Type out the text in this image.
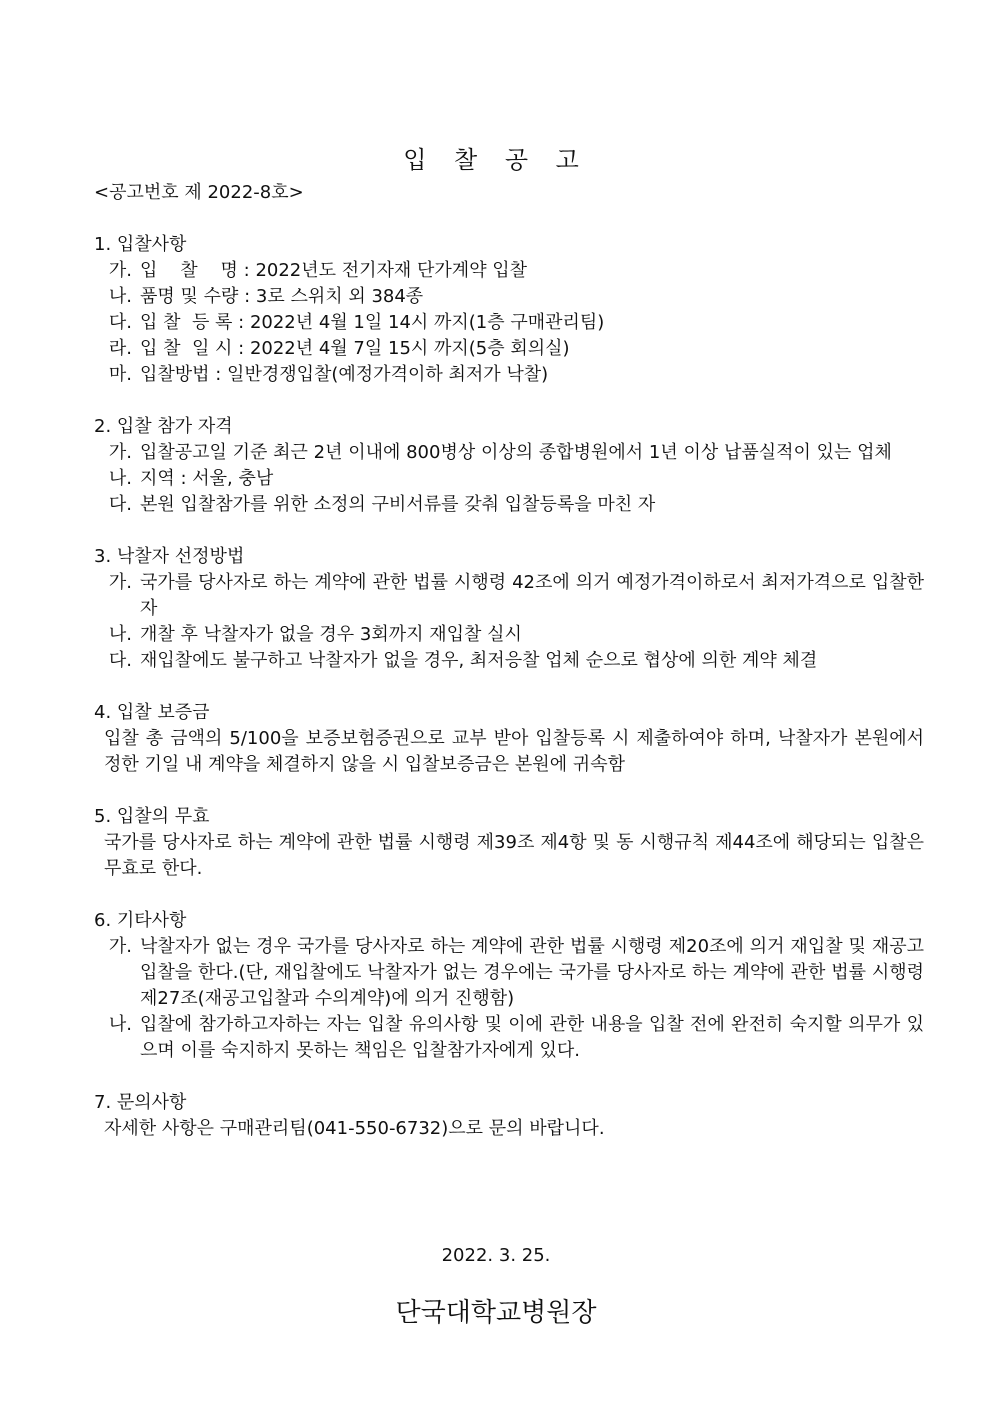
입 찰 공 고
<공고번호 제 2022-8호>
1. 입찰사항
가. 입    찰    명 : 2022년도 전기자재 단가계약 입찰
나. 품명 및 수량 : 3로 스위치 외 384종
다. 입 찰  등 록 : 2022년 4월 1일 14시 까지(1층 구매관리팀)
라. 입 찰  일 시 : 2022년 4월 7일 15시 까지(5층 회의실)
마. 입찰방법 : 일반경쟁입찰(예정가격이하 최저가 낙찰)
2. 입찰 참가 자격
가. 입찰공고일 기준 최근 2년 이내에 800병상 이상의 종합병원에서 1년 이상 납품실적이 있는 업체
나. 지역 : 서울, 충남
다. 본원 입찰참가를 위한 소정의 구비서류를 갖춰 입찰등록을 마친 자
3. 낙찰자 선정방법
가. 국가를 당사자로 하는 계약에 관한 법률 시행령 42조에 의거 예정가격이하로서 최저가격으로 입찰한 자
나. 개찰 후 낙찰자가 없을 경우 3회까지 재입찰 실시
다. 재입찰에도 불구하고 낙찰자가 없을 경우, 최저응찰 업체 순으로 협상에 의한 계약 체결
4. 입찰 보증금
입찰 총 금액의 5/100을 보증보험증권으로 교부 받아 입찰등록 시 제출하여야 하며, 낙찰자가 본원에서 정한 기일 내 계약을 체결하지 않을 시 입찰보증금은 본원에 귀속함
5. 입찰의 무효
국가를 당사자로 하는 계약에 관한 법률 시행령 제39조 제4항 및 동 시행규칙 제44조에 해당되는 입찰은 무효로 한다.
6. 기타사항
가. 낙찰자가 없는 경우 국가를 당사자로 하는 계약에 관한 법률 시행령 제20조에 의거 재입찰 및 재공고입찰을 한다.(단, 재입찰에도 낙찰자가 없는 경우에는 국가를 당사자로 하는 계약에 관한 법률 시행령 제27조(재공고입찰과 수의계약)에 의거 진행함)
나. 입찰에 참가하고자하는 자는 입찰 유의사항 및 이에 관한 내용을 입찰 전에 완전히 숙지할 의무가 있으며 이를 숙지하지 못하는 책임은 입찰참가자에게 있다.
7. 문의사항
자세한 사항은 구매관리팀(041-550-6732)으로 문의 바랍니다.
2022. 3. 25.
단국대학교병원장
